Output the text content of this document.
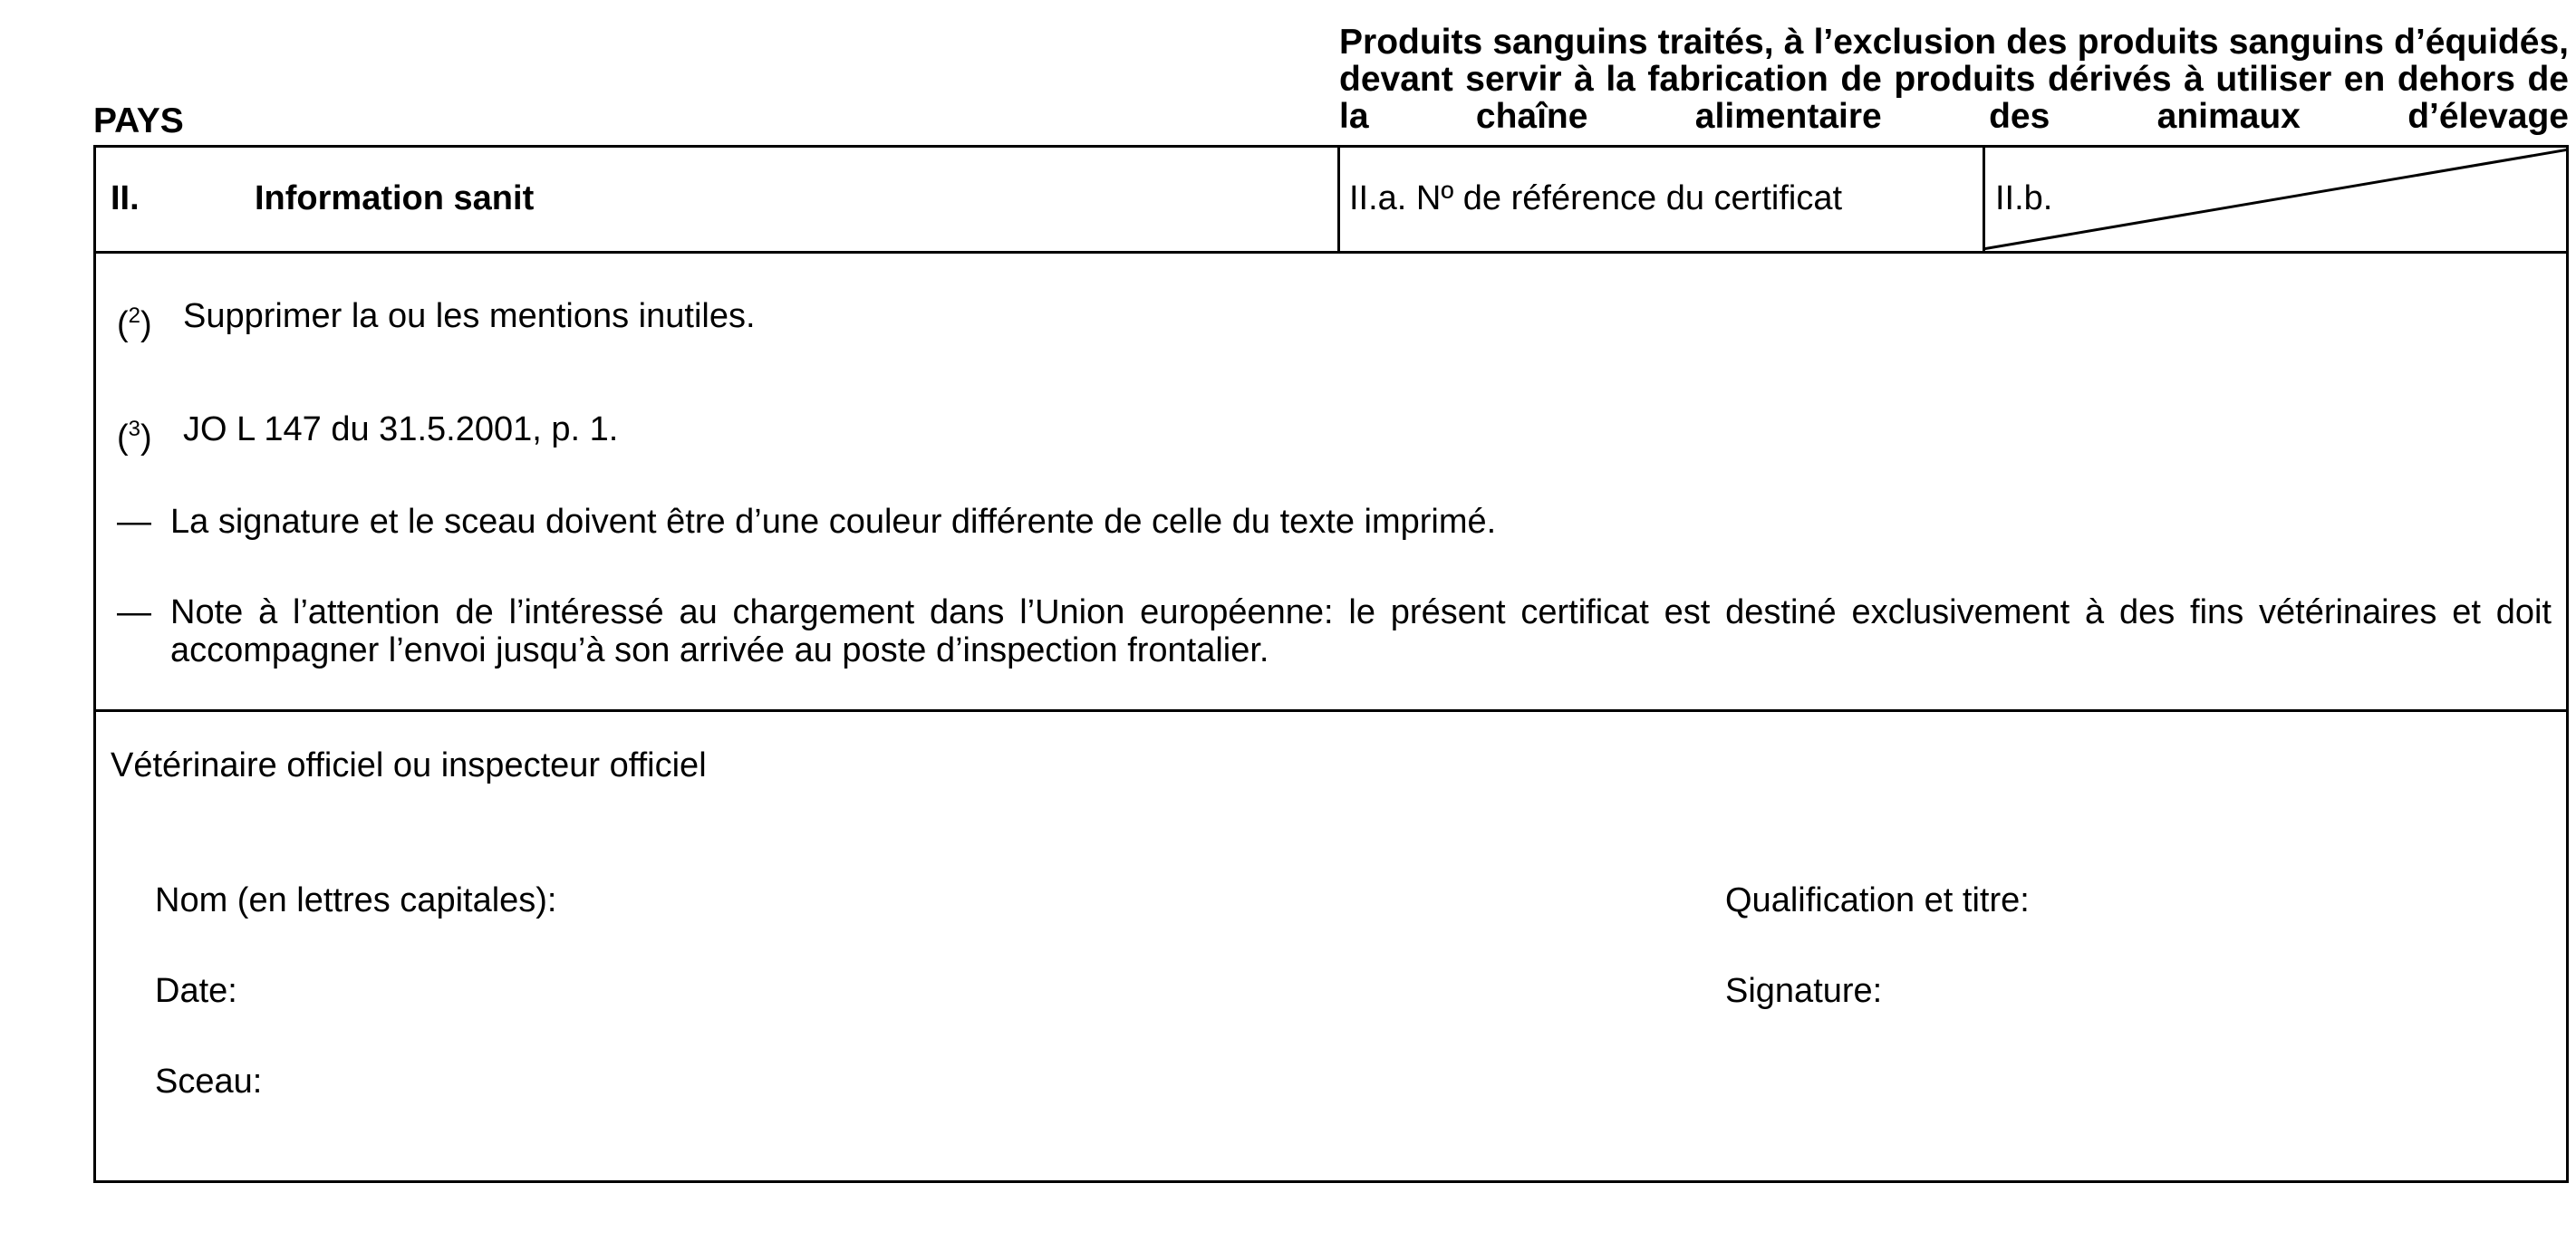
PAYS
Produits sanguins traités, à l’exclusion des produits sanguins d’équidés, devant servir à la fabrication de produits dérivés à utiliser en dehors de la chaîne alimentaire des animaux d’élevage
II.	Information sanit	II.a. Nº de référence du certificat	II.b.
($^2$) Supprimer la ou les mentions inutiles.
($^3$) JO L 147 du 31.5.2001, p. 1.
— La signature et le sceau doivent être d’une couleur différente de celle du texte imprimé.
— Note à l’attention de l’intéressé au chargement dans l’Union européenne: le présent certificat est destiné exclusivement à des fins vétérinaires et doit accompagner l’envoi jusqu’à son arrivée au poste d’inspection frontalier.
Vétérinaire officiel ou inspecteur officiel
Nom (en lettres capitales):	Qualification et titre:
Date:	Signature:
Sceau:
